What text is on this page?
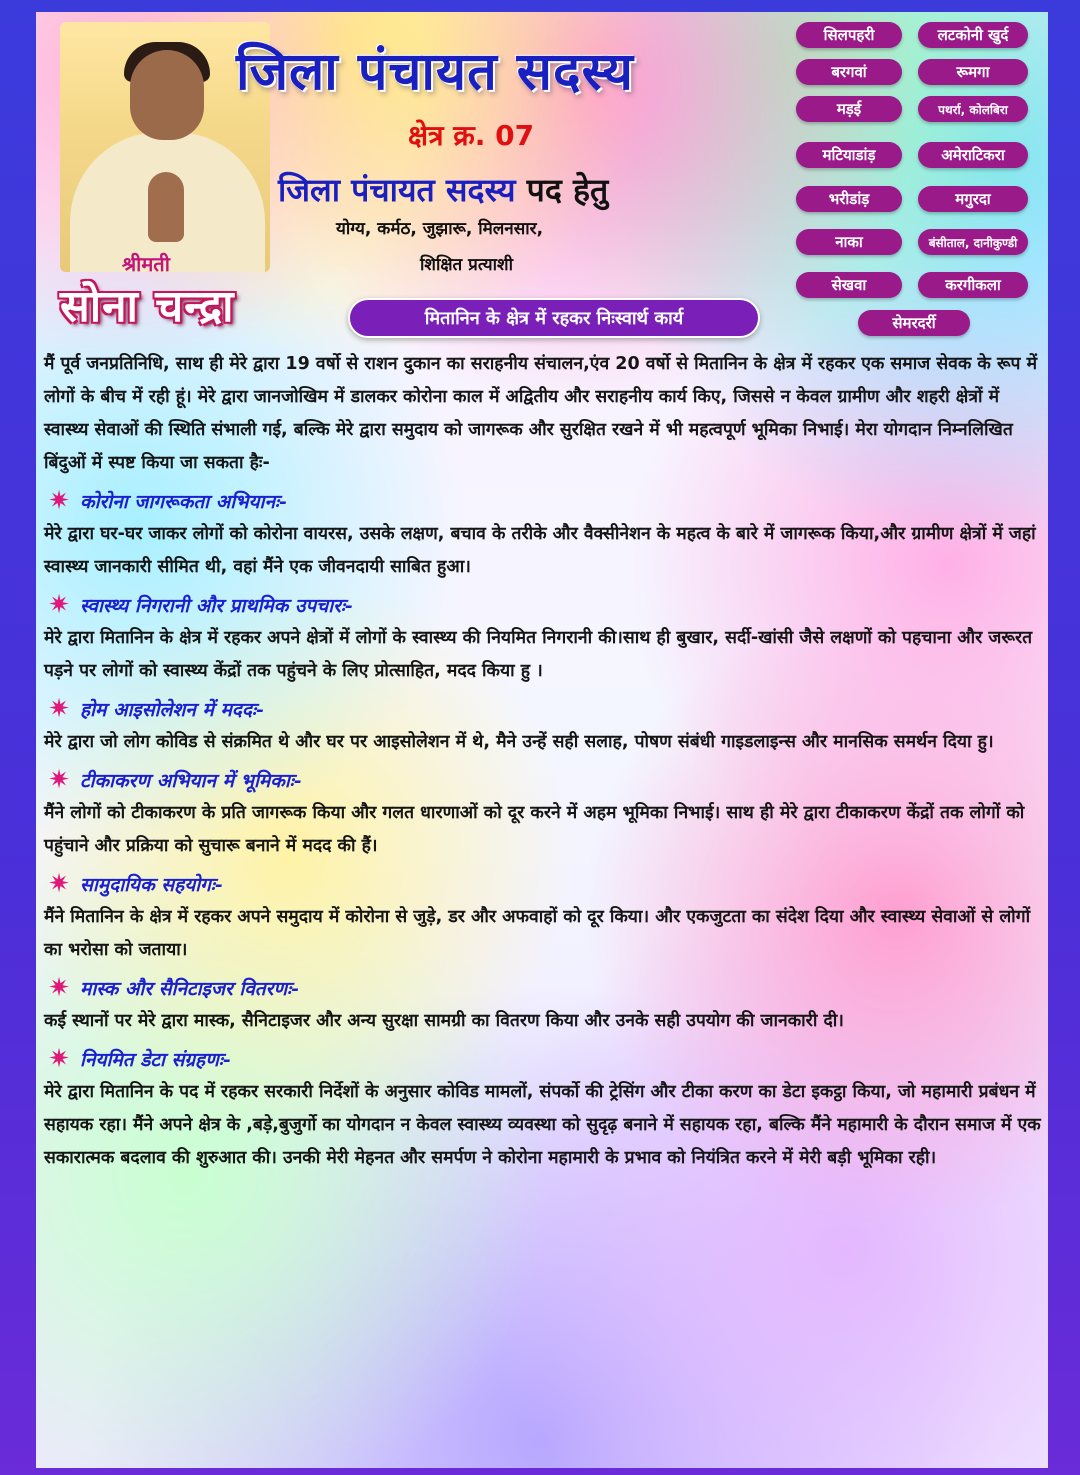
जिला पंचायत सदस्य
क्षेत्र क्र. 07
जिला पंचायत सदस्य पद हेतु
योग्य, कर्मठ, जुझारू, मिलनसार,
शिक्षित प्रत्याशी
श्रीमती
सोना चन्द्रा	मितानिन के क्षेत्र में रहकर निःस्वार्थ कार्य
सिलपहरी
बरगवां
मड़ई
मटियाडांड़
भरीडांड़
नाका
सेखवा
लटकोनी खुर्द
रूमगा
पथर्रा, कोलबिरा
अमेराटिकरा
मगुरदा
बंसीताल, दानीकुण्डी
करगीकला
सेमरदर्री

मैं पूर्व जनप्रतिनिधि, साथ ही मेरे द्वारा 19 वर्षो से राशन दुकान का सराहनीय संचालन,एंव 20 वर्षो से मितानिन के क्षेत्र में रहकर एक समाज सेवक के रूप में लोगों के बीच में रही हूं। मेरे द्वारा जानजोखिम में डालकर कोरोना काल में अद्वितीय और सराहनीय कार्य किए, जिससे न केवल ग्रामीण और शहरी क्षेत्रों में स्वास्थ्य सेवाओं की स्थिति संभाली गई, बल्कि मेरे द्वारा समुदाय को जागरूक और सुरक्षित रखने में भी महत्वपूर्ण भूमिका निभाई। मेरा योगदान निम्नलिखित बिंदुओं में स्पष्ट किया जा सकता हैः-

✷ कोरोना जागरूकता अभियानः-

मेरे द्वारा घर-घर जाकर लोगों को कोरोना वायरस, उसके लक्षण, बचाव के तरीके और वैक्सीनेशन के महत्व के बारे में जागरूक किया,और ग्रामीण क्षेत्रों में जहां स्वास्थ्य जानकारी सीमित थी, वहां मैंने एक जीवनदायी साबित हुआ।

✷ स्वास्थ्य निगरानी और प्राथमिक उपचारः-

मेरे द्वारा मितानिन के क्षेत्र में रहकर अपने क्षेत्रों में लोगों के स्वास्थ्य की नियमित निगरानी की।साथ ही बुखार, सर्दी-खांसी जैसे लक्षणों को पहचाना और जरूरत पड़ने पर लोगों को स्वास्थ्य केंद्रों तक पहुंचने के लिए प्रोत्साहित, मदद किया हु ।

✷ होम आइसोलेशन में मददः-

मेरे द्वारा जो लोग कोविड से संक्रमित थे और घर पर आइसोलेशन में थे, मैने उन्हें सही सलाह, पोषण संबंधी गाइडलाइन्स और मानसिक समर्थन दिया हु।

✷ टीकाकरण अभियान में भूमिकाः-

मैंने लोगों को टीकाकरण के प्रति जागरूक किया और गलत धारणाओं को दूर करने में अहम भूमिका निभाई। साथ ही मेरे द्वारा टीकाकरण केंद्रों तक लोगों को पहुंचाने और प्रक्रिया को सुचारू बनाने में मदद की हैं।

✷ सामुदायिक सहयोगः-

मैंने मितानिन के क्षेत्र में रहकर अपने समुदाय में कोरोना से जुड़े, डर और अफवाहों को दूर किया। और एकजुटता का संदेश दिया और स्वास्थ्य सेवाओं से लोगों का भरोसा को जताया।

✷ मास्क और सैनिटाइजर वितरणः-

कई स्थानों पर मेरे द्वारा मास्क, सैनिटाइजर और अन्य सुरक्षा सामग्री का वितरण किया और उनके सही उपयोग की जानकारी दी।

✷ नियमित डेटा संग्रहणः-

मेरे द्वारा मितानिन के पद में रहकर सरकारी निर्देशों के अनुसार कोविड मामलों, संपर्को की ट्रेसिंग और टीका करण का डेटा इकट्ठा किया, जो महामारी प्रबंधन में सहायक रहा। मैंने अपने क्षेत्र के ,बड़े,बुजुर्गो का योगदान न केवल स्वास्थ्य व्यवस्था को सुदृढ़ बनाने में सहायक रहा, बल्कि मैंने महामारी के दौरान समाज में एक सकारात्मक बदलाव की शुरुआत की। उनकी मेरी मेहनत और समर्पण ने कोरोना महामारी के प्रभाव को नियंत्रित करने में मेरी बड़ी भूमिका रही।
